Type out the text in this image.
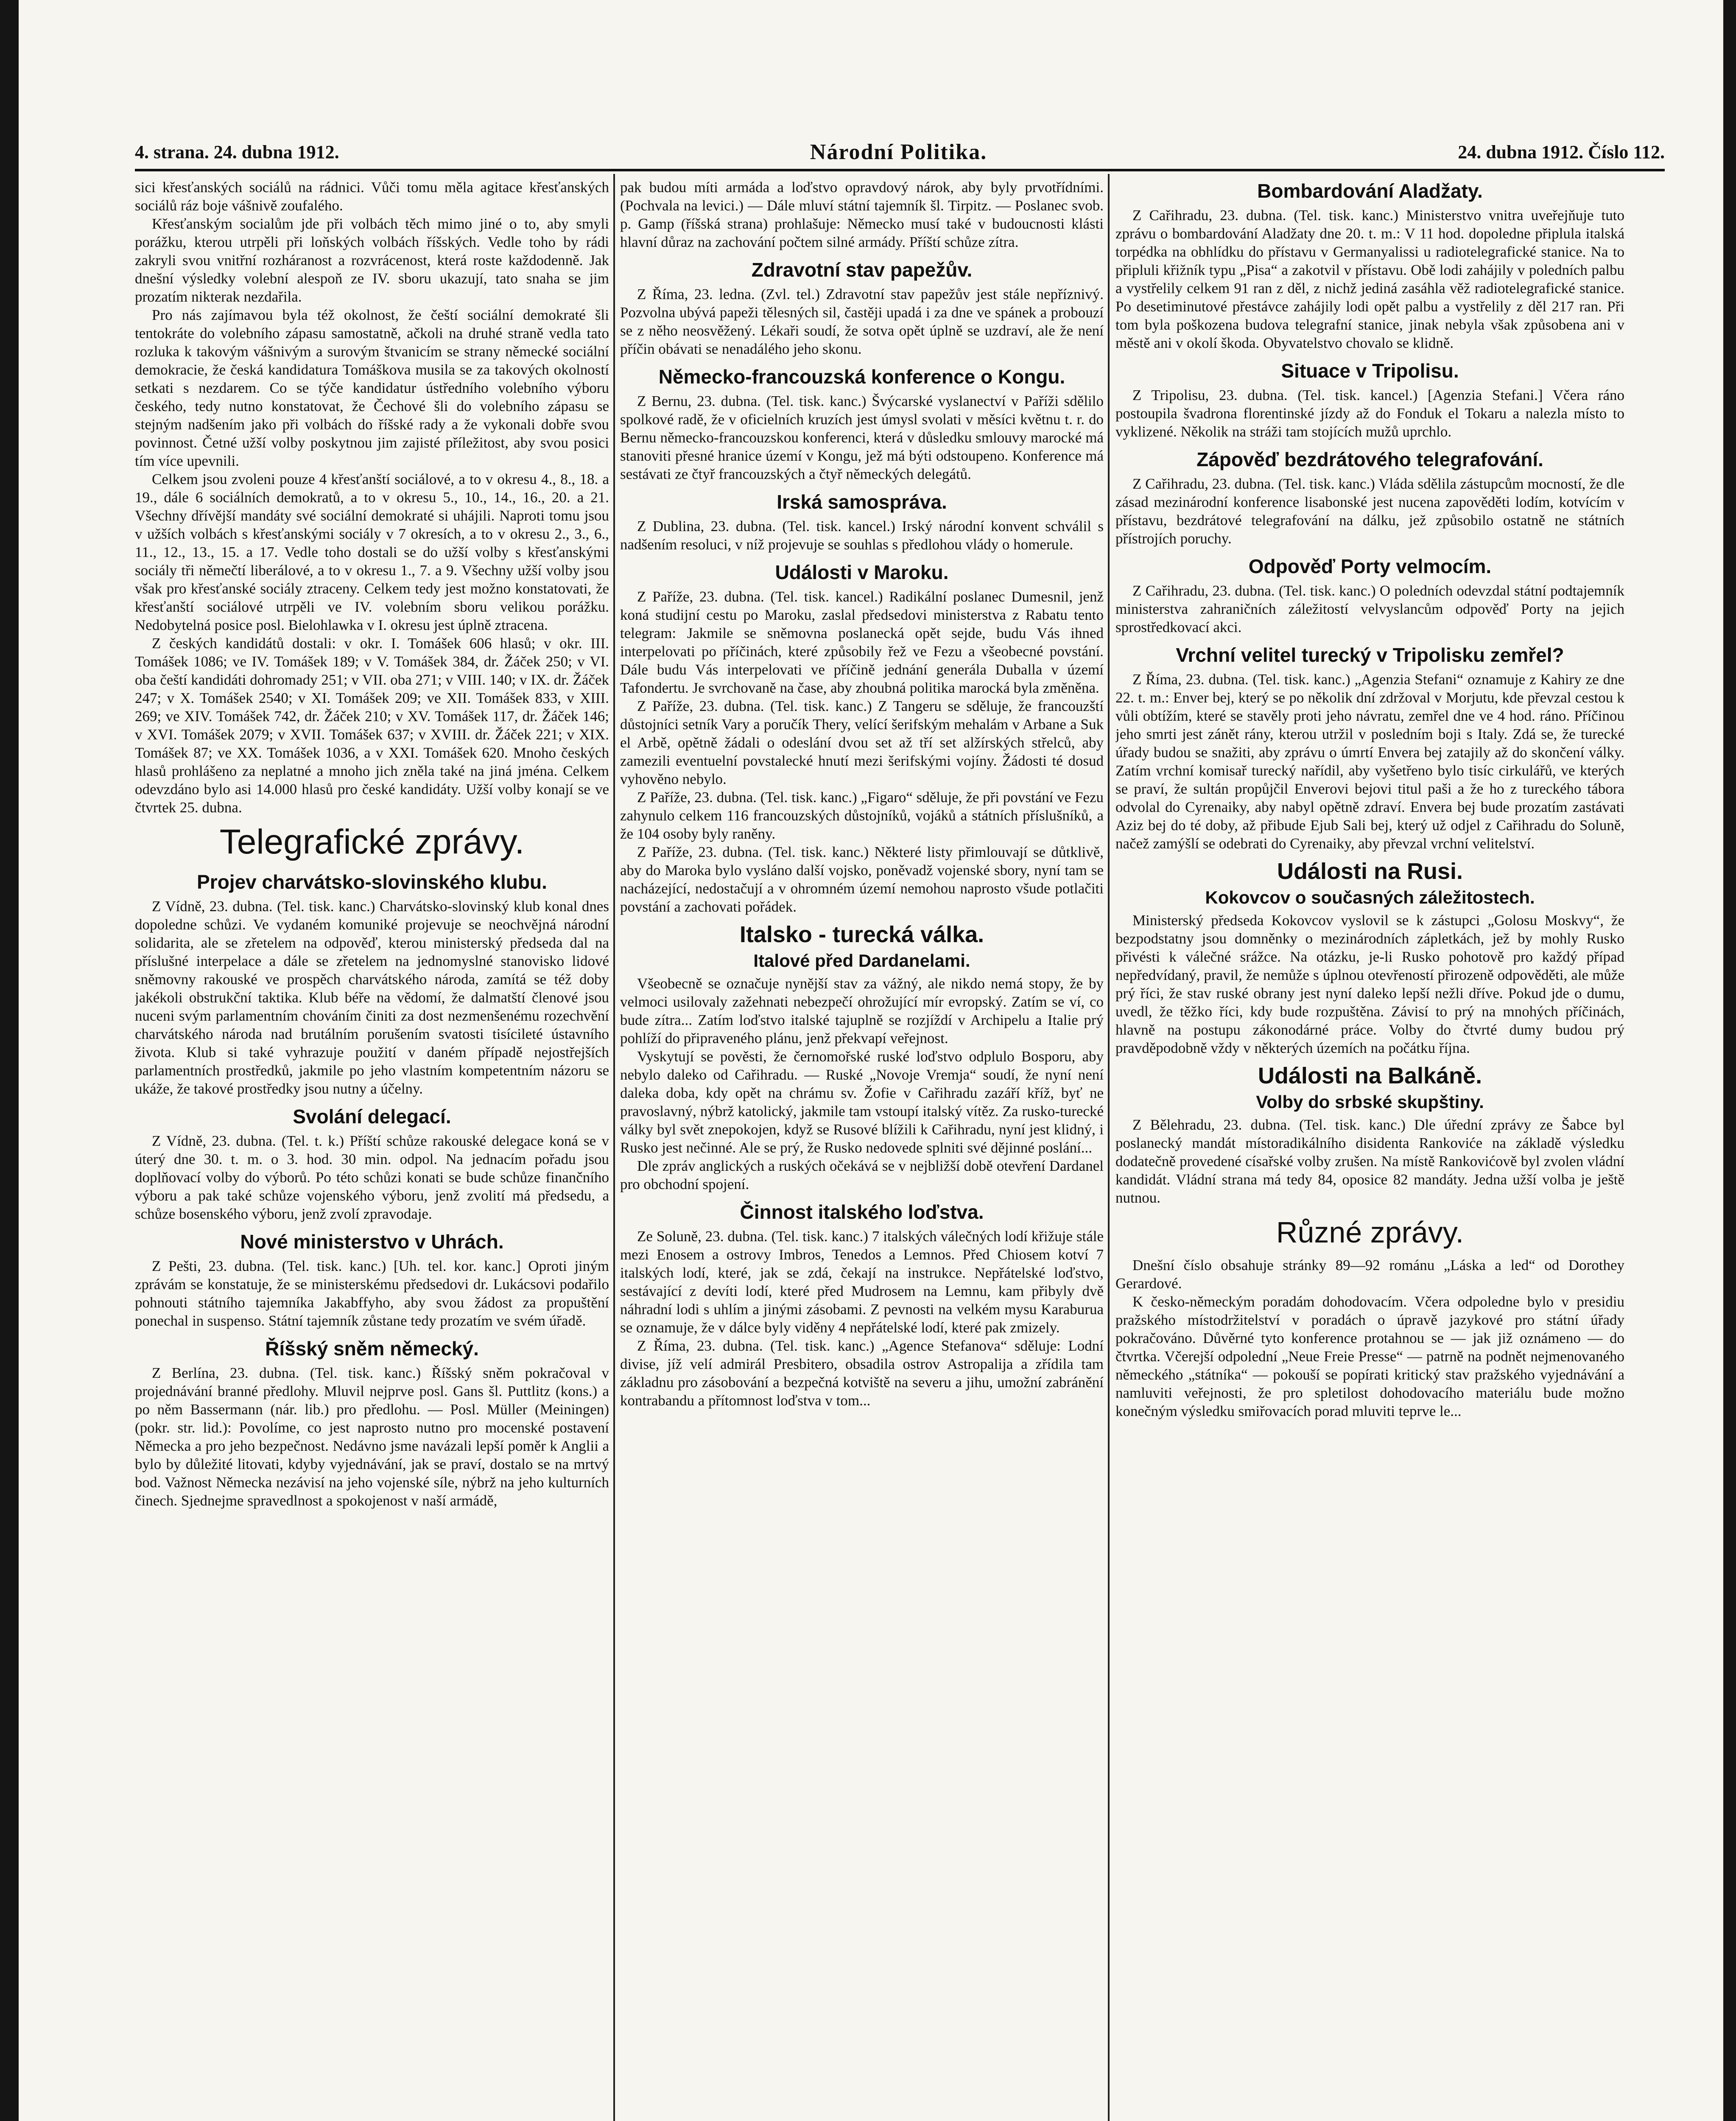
4. strana. 24. dubna 1912.	Národní Politika.	24. dubna 1912. Číslo 112.

sici křesťanských sociálů na rádnici. Vůči tomu měla agitace křesťanských sociálů ráz boje vášnivě zoufalého.

Křesťanským socialům jde při volbách těch mimo jiné o to, aby smyli porážku, kterou utrpěli při loňských volbách říšských. Vedle toho by rádi zakryli svou vnitřní rozháranost a rozvrácenost, která roste každodenně. Jak dnešní výsledky volební alespoň ze IV. sboru ukazují, tato snaha se jim prozatím nikterak nezdařila.

Pro nás zajímavou byla též okolnost, že čeští sociální demokraté šli tentokráte do volebního zápasu samostatně, ačkoli na druhé straně vedla tato rozluka k takovým vášnivým a surovým štvanicím se strany německé sociální demokracie, že česká kandidatura Tomáškova musila se za takových okolností setkati s nezdarem. Co se týče kandidatur ústředního volebního výboru českého, tedy nutno konstatovat, že Čechové šli do volebního zápasu se stejným nadšením jako při volbách do říšské rady a že vykonali dobře svou povinnost. Četné užší volby poskytnou jim zajisté příležitost, aby svou posici tím více upevnili.

Celkem jsou zvoleni pouze 4 křesťanští sociálové, a to v okresu 4., 8., 18. a 19., dále 6 sociálních demokratů, a to v okresu 5., 10., 14., 16., 20. a 21. Všechny dřívější mandáty své sociální demokraté si uhájili. Naproti tomu jsou v užších volbách s křesťanskými sociály v 7 okresích, a to v okresu 2., 3., 6., 11., 12., 13., 15. a 17. Vedle toho dostali se do užší volby s křesťanskými sociály tři němečtí liberálové, a to v okresu 1., 7. a 9. Všechny užší volby jsou však pro křesťanské sociály ztraceny. Celkem tedy jest možno konstatovati, že křesťanští sociálové utrpěli ve IV. volebním sboru velikou porážku. Nedobytelná posice posl. Bielohlawka v I. okresu jest úplně ztracena.

Z českých kandidátů dostali: v okr. I. Tomášek 606 hlasů; v okr. III. Tomášek 1086; ve IV. Tomášek 189; v V. Tomášek 384, dr. Žáček 250; v VI. oba čeští kandidáti dohromady 251; v VII. oba 271; v VIII. 140; v IX. dr. Žáček 247; v X. Tomášek 2540; v XI. Tomášek 209; ve XII. Tomášek 833, v XIII. 269; ve XIV. Tomášek 742, dr. Žáček 210; v XV. Tomášek 117, dr. Žáček 146; v XVI. Tomášek 2079; v XVII. Tomášek 637; v XVIII. dr. Žáček 221; v XIX. Tomášek 87; ve XX. Tomášek 1036, a v XXI. Tomášek 620. Mnoho českých hlasů prohlášeno za neplatné a mnoho jich zněla také na jiná jména. Celkem odevzdáno bylo asi 14.000 hlasů pro české kandidáty. Užší volby konají se ve čtvrtek 25. dubna.

Telegrafické zprávy.
Projev charvátsko-slovinského klubu.

Z Vídně, 23. dubna. (Tel. tisk. kanc.) Charvátsko-slovinský klub konal dnes dopoledne schůzi. Ve vydaném komuniké projevuje se neochvějná národní solidarita, ale se zřetelem na odpověď, kterou ministerský předseda dal na příslušné interpelace a dále se zřetelem na jednomyslné stanovisko lidové sněmovny rakouské ve prospěch charvátského národa, zamítá se též doby jakékoli obstrukční taktika. Klub béře na vědomí, že dalmatští členové jsou nuceni svým parlamentním chováním činiti za dost nezmenšenému rozechvění charvátského národa nad brutálním porušením svatosti tisícileté ústavního života. Klub si také vyhrazuje použití v daném případě nejostřejších parlamentních prostředků, jakmile po jeho vlastním kompetentním názoru se ukáže, že takové prostředky jsou nutny a účelny.

Svolání delegací.

Z Vídně, 23. dubna. (Tel. t. k.) Příští schůze rakouské delegace koná se v úterý dne 30. t. m. o 3. hod. 30 min. odpol. Na jednacím pořadu jsou doplňovací volby do výborů. Po této schůzi konati se bude schůze finančního výboru a pak také schůze vojenského výboru, jenž zvolití má předsedu, a schůze bosenského výboru, jenž zvolí zpravodaje.

Nové ministerstvo v Uhrách.

Z Pešti, 23. dubna. (Tel. tisk. kanc.) [Uh. tel. kor. kanc.] Oproti jiným zprávám se konstatuje, že se ministerskému předsedovi dr. Lukácsovi podařilo pohnouti státního tajemníka Jakabffyho, aby svou žádost za propuštění ponechal in suspenso. Státní tajemník zůstane tedy prozatím ve svém úřadě.

Říšský sněm německý.

Z Berlína, 23. dubna. (Tel. tisk. kanc.) Říšský sněm pokračoval v projednávání branné předlohy. Mluvil nejprve posl. Gans šl. Puttlitz (kons.) a po něm Bassermann (nár. lib.) pro předlohu. — Posl. Müller (Meiningen) (pokr. str. lid.): Povolíme, co jest naprosto nutno pro mocenské postavení Německa a pro jeho bezpečnost. Nedávno jsme navázali lepší poměr k Anglii a bylo by důležité litovati, kdyby vyjednávání, jak se praví, dostalo se na mrtvý bod. Važnost Německa nezávisí na jeho vojenské síle, nýbrž na jeho kulturních činech. Sjednejme spravedlnost a spokojenost v naší armádě,

pak budou míti armáda a loďstvo opravdový nárok, aby byly prvotřídními. (Pochvala na levici.) — Dále mluví státní tajemník šl. Tirpitz. — Poslanec svob. p. Gamp (říšská strana) prohlašuje: Německo musí také v budoucnosti klásti hlavní důraz na zachování počtem silné armády. Příští schůze zítra.

Zdravotní stav papežův.

Z Říma, 23. ledna. (Zvl. tel.) Zdravotní stav papežův jest stále nepříznivý. Pozvolna ubývá papeži tělesných sil, častěji upadá i za dne ve spánek a probouzí se z něho neosvěžený. Lékaři soudí, že sotva opět úplně se uzdraví, ale že není příčin obávati se nenadálého jeho skonu.

Německo-francouzská konference o Kongu.

Z Bernu, 23. dubna. (Tel. tisk. kanc.) Švýcarské vyslanectví v Paříži sdělilo spolkové radě, že v oficielních kruzích jest úmysl svolati v měsíci květnu t. r. do Bernu německo-francouzskou konferenci, která v důsledku smlouvy marocké má stanoviti přesné hranice území v Kongu, jež má býti odstoupeno. Konference má sestávati ze čtyř francouzských a čtyř německých delegátů.

Irská samospráva.

Z Dublina, 23. dubna. (Tel. tisk. kancel.) Irský národní konvent schválil s nadšením resoluci, v níž projevuje se souhlas s předlohou vlády o homerule.

Události v Maroku.

Z Paříže, 23. dubna. (Tel. tisk. kancel.) Radikální poslanec Dumesnil, jenž koná studijní cestu po Maroku, zaslal předsedovi ministerstva z Rabatu tento telegram: Jakmile se sněmovna poslanecká opět sejde, budu Vás ihned interpelovati po příčinách, které způsobily řež ve Fezu a všeobecné povstání. Dále budu Vás interpelovati ve příčině jednání generála Duballa v území Tafondertu. Je svrchovaně na čase, aby zhoubná politika marocká byla změněna.

Z Paříže, 23. dubna. (Tel. tisk. kanc.) Z Tangeru se sděluje, že francouzští důstojníci setník Vary a poručík Thery, velící šerifským mehalám v Arbane a Suk el Arbě, opětně žádali o odeslání dvou set až tří set alžírských střelců, aby zamezili eventuelní povstalecké hnutí mezi šerifskými vojíny. Žádosti té dosud vyhověno nebylo.

Z Paříže, 23. dubna. (Tel. tisk. kanc.) „Figaro“ sděluje, že při povstání ve Fezu zahynulo celkem 116 francouzských důstojníků, vojáků a státních příslušníků, a že 104 osoby byly raněny.

Z Paříže, 23. dubna. (Tel. tisk. kanc.) Některé listy přimlouvají se důtklivě, aby do Maroka bylo vysláno další vojsko, poněvadž vojenské sbory, nyní tam se nacházející, nedostačují a v ohromném území nemohou naprosto všude potlačiti povstání a zachovati pořádek.

Italsko - turecká válka.
Italové před Dardanelami.

Všeobecně se označuje nynější stav za vážný, ale nikdo nemá stopy, že by velmoci usilovaly zažehnati nebezpečí ohrožující mír evropský. Zatím se ví, co bude zítra... Zatím loďstvo italské tajuplně se rozjíždí v Archipelu a Italie prý pohlíží do připraveného plánu, jenž překvapí veřejnost.

Vyskytují se pověsti, že černomořské ruské loďstvo odplulo Bosporu, aby nebylo daleko od Cařihradu. — Ruské „Novoje Vremja“ soudí, že nyní není daleka doba, kdy opět na chrámu sv. Žofie v Cařihradu zazáří kříž, byť ne pravoslavný, nýbrž katolický, jakmile tam vstoupí italský vítěz. Za rusko-turecké války byl svět znepokojen, když se Rusové blížili k Cařihradu, nyní jest klidný, i Rusko jest nečinné. Ale se prý, že Rusko nedovede splniti své dějinné poslání...

Dle zpráv anglických a ruských očekává se v nejbližší době otevření Dardanel pro obchodní spojení.

Činnost italského loďstva.

Ze Soluně, 23. dubna. (Tel. tisk. kanc.) 7 italských válečných lodí křižuje stále mezi Enosem a ostrovy Imbros, Tenedos a Lemnos. Před Chiosem kotví 7 italských lodí, které, jak se zdá, čekají na instrukce. Nepřátelské loďstvo, sestávající z devíti lodí, které před Mudrosem na Lemnu, kam přibyly dvě náhradní lodi s uhlím a jinými zásobami. Z pevnosti na velkém mysu Karaburua se oznamuje, že v dálce byly viděny 4 nepřátelské lodí, které pak zmizely.

Z Říma, 23. dubna. (Tel. tisk. kanc.) „Agence Stefanova“ sděluje: Lodní divise, jíž velí admirál Presbitero, obsadila ostrov Astropalija a zřídila tam základnu pro zásobování a bezpečná kotviště na severu a jihu, umožní zabránění kontrabandu a přítomnost loďstva v tom...

Bombardování Aladžaty.

Z Cařihradu, 23. dubna. (Tel. tisk. kanc.) Ministerstvo vnitra uveřejňuje tuto zprávu o bombardování Aladžaty dne 20. t. m.: V 11 hod. dopoledne připlula italská torpédka na obhlídku do přístavu v Germanyalissi u radiotelegrafické stanice. Na to připluli křižník typu „Pisa“ a zakotvil v přístavu. Obě lodi zahájily v poledních palbu a vystřelily celkem 91 ran z děl, z nichž jediná zasáhla věž radiotelegrafické stanice. Po desetiminutové přestávce zahájily lodi opět palbu a vystřelily z děl 217 ran. Při tom byla poškozena budova telegrafní stanice, jinak nebyla však způsobena ani v městě ani v okolí škoda. Obyvatelstvo chovalo se klidně.

Situace v Tripolisu.

Z Tripolisu, 23. dubna. (Tel. tisk. kancel.) [Agenzia Stefani.] Včera ráno postoupila švadrona florentinské jízdy až do Fonduk el Tokaru a nalezla místo to vyklizené. Několik na stráži tam stojících mužů uprchlo.

Zápověď bezdrátového telegrafování.

Z Cařihradu, 23. dubna. (Tel. tisk. kanc.) Vláda sdělila zástupcům mocností, že dle zásad mezinárodní konference lisabonské jest nucena zapověděti lodím, kotvícím v přístavu, bezdrátové telegrafování na dálku, jež způsobilo ostatně ne státních přístrojích poruchy.

Odpověď Porty velmocím.

Z Cařihradu, 23. dubna. (Tel. tisk. kanc.) O poledních odevzdal státní podtajemník ministerstva zahraničních záležitostí velvyslancům odpověď Porty na jejich sprostředkovací akci.

Vrchní velitel turecký v Tripolisku zemřel?

Z Říma, 23. dubna. (Tel. tisk. kanc.) „Agenzia Stefani“ oznamuje z Kahiry ze dne 22. t. m.: Enver bej, který se po několik dní zdržoval v Morjutu, kde převzal cestou k vůli obtížím, které se stavěly proti jeho návratu, zemřel dne ve 4 hod. ráno. Příčinou jeho smrti jest zánět rány, kterou utržil v posledním boji s Italy. Zdá se, že turecké úřady budou se snažiti, aby zprávu o úmrtí Envera bej zatajily až do skončení války. Zatím vrchní komisař turecký nařídil, aby vyšetřeno bylo tisíc cirkulářů, ve kterých se praví, že sultán propůjčil Enverovi bejovi titul paši a že ho z tureckého tábora odvolal do Cyrenaiky, aby nabyl opětně zdraví. Envera bej bude prozatím zastávati Aziz bej do té doby, až přibude Ejub Sali bej, který už odjel z Cařihradu do Soluně, načež zamýšlí se odebrati do Cyrenaiky, aby převzal vrchní velitelství.

Události na Rusi.
Kokovcov o současných záležitostech.

Ministerský předseda Kokovcov vyslovil se k zástupci „Golosu Moskvy“, že bezpodstatny jsou domněnky o mezinárodních zápletkách, jež by mohly Rusko přivésti k válečné srážce. Na otázku, je-li Rusko pohotově pro každý případ nepředvídaný, pravil, že nemůže s úplnou otevřeností přirozeně odpověděti, ale může prý říci, že stav ruské obrany jest nyní daleko lepší nežli dříve. Pokud jde o dumu, uvedl, že těžko říci, kdy bude rozpuštěna. Závisí to prý na mnohých příčinách, hlavně na postupu zákonodárné práce. Volby do čtvrté dumy budou prý pravděpodobně vždy v některých územích na počátku října.

Události na Balkáně.
Volby do srbské skupštiny.

Z Bělehradu, 23. dubna. (Tel. tisk. kanc.) Dle úřední zprávy ze Šabce byl poslanecký mandát místoradikálního disidenta Rankoviće na základě výsledku dodatečně provedené císařské volby zrušen. Na místě Rankovićově byl zvolen vládní kandidát. Vládní strana má tedy 84, oposice 82 mandáty. Jedna užší volba je ještě nutnou.

Různé zprávy.

Dnešní číslo obsahuje stránky 89—92 románu „Láska a led“ od Dorothey Gerardové.

K česko-německým poradám dohodovacím. Včera odpoledne bylo v presidiu pražského místodržitelství v poradách o úpravě jazykové pro státní úřady pokračováno. Důvěrné tyto konference protahnou se — jak již oznámeno — do čtvrtka. Včerejší odpolední „Neue Freie Presse“ — patrně na podnět nejmenovaného německého „státníka“ — pokouší se popírati kritický stav pražského vyjednávání a namluviti veřejnosti, že pro spletilost dohodovacího materiálu bude možno konečným výsledku smiřovacích porad mluviti teprve le...
